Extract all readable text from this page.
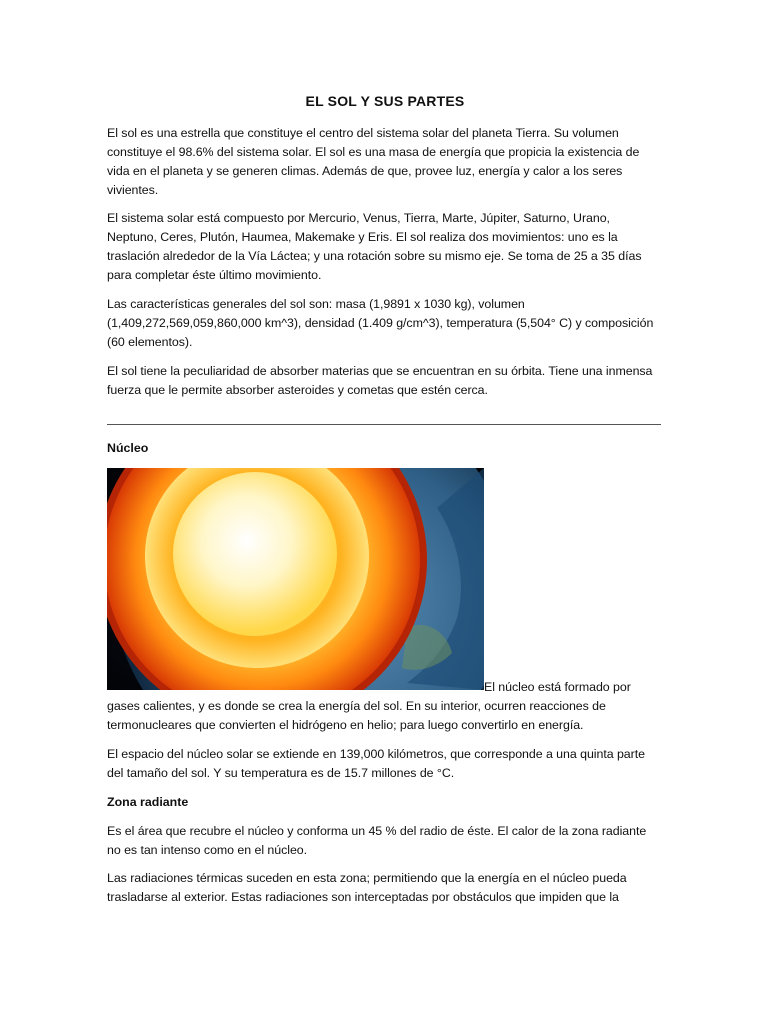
EL SOL Y SUS PARTES

El sol es una estrella que constituye el centro del sistema solar del planeta Tierra. Su volumen constituye el 98.6% del sistema solar. El sol es una masa de energía que propicia la existencia de vida en el planeta y se generen climas. Además de que, provee luz, energía y calor a los seres vivientes.

El sistema solar está compuesto por Mercurio, Venus, Tierra, Marte, Júpiter, Saturno, Urano, Neptuno, Ceres, Plutón, Haumea, Makemake y Eris. El sol realiza dos movimientos: uno es la traslación alrededor de la Vía Láctea; y una rotación sobre su mismo eje. Se toma de 25 a 35 días para completar éste último movimiento.

Las características generales del sol son: masa (1,9891 x 1030 kg), volumen (1,409,272,569,059,860,000 km^3), densidad (1.409 g/cm^3), temperatura (5,504° C) y composición (60 elementos).

El sol tiene la peculiaridad de absorber materias que se encuentran en su órbita. Tiene una inmensa fuerza que le permite absorber asteroides y cometas que estén cerca.

Núcleo

El núcleo está formado por gases calientes, y es donde se crea la energía del sol. En su interior, ocurren reacciones de termonucleares que convierten el hidrógeno en helio; para luego convertirlo en energía.

El espacio del núcleo solar se extiende en 139,000 kilómetros, que corresponde a una quinta parte del tamaño del sol. Y su temperatura es de 15.7 millones de °C.

Zona radiante

Es el área que recubre el núcleo y conforma un 45 % del radio de éste. El calor de la zona radiante no es tan intenso como en el núcleo.

Las radiaciones térmicas suceden en esta zona; permitiendo que la energía en el núcleo pueda trasladarse al exterior. Estas radiaciones son interceptadas por obstáculos que impiden que la
